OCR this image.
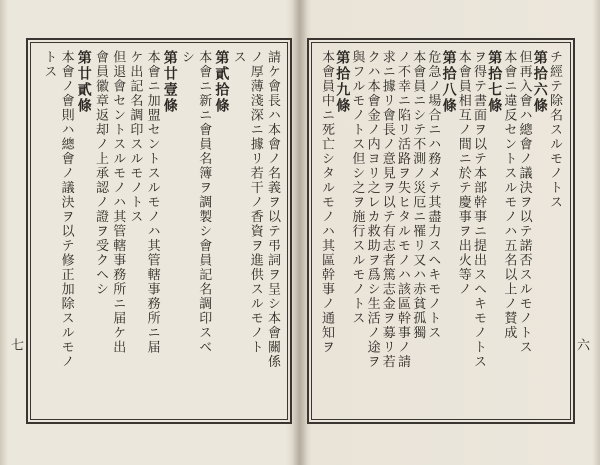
チ經テ除名スルモノトス
第拾六條
但再入會ハ總會ノ議決ヲ以テ諾否スルモノトス
本會ニ違反セントスルモノハ五名以上ノ賛成
第拾七條
ヲ得テ書面ヲ以テ本部幹事ニ提出スヘキモノトス
本會員相互ノ間ニ於テ慶事ヲ出火等ノ
第拾八條
危急ノ場合ニハ務メテ其盡力スヘキモノトス
本會員ニシテ不測ノ災厄ニ罹リ又ハ赤貧孤獨
ノ不幸ニ陷リ活路ヲ失ヒタルモノハ該區幹事ノ請
求ニ據リ會長ノ意見ヲ以テ有志者篤志金ヲ募リ若
クハ本會金ノ内ヨリ之レカ救助ヲ爲シ生活ノ途ヲ
與フルモノトス但シ之ヲ施行スルモノトス
第拾九條
本會員中ニ死亡シタルモノハ其區幹事ノ通知ヲ
請ケ會長ハ本會ノ名義ヲ以テ弔詞ヲ呈シ本會關係
ノ厚薄淺深ニ據リ若干ノ香資ヲ進供スルモノト
ス
第貳拾條
本會ニ新ニ會員名簿ヲ調製シ會員記名調印スベ
シ
第廿壹條
本會ニ加盟セントスルモノハ其管轄事務所ニ届
ケ出記名調印スルモノトス
但退會セントスルモノハ其管轄事務所ニ届ケ出
會員徽章返却ノ上承認ノ證ヲ受クヘシ
第廿貳條
本會ノ會則ハ總會ノ議決ヲ以テ修正加除スルモノ
トス
六
七
